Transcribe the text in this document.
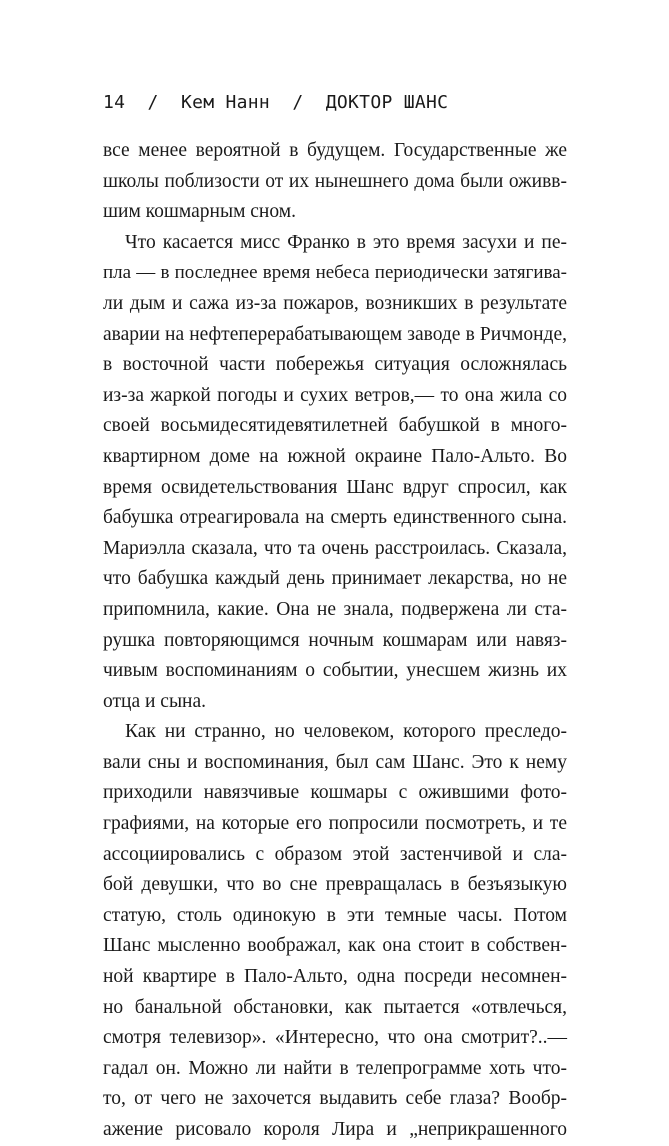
14  /  Кем Нанн  /  ДОКТОР ШАНС
все менее вероятной в будущем. Государственные же
школы поблизости от их нынешнего дома были оживв-
шим кошмарным сном.
Что касается мисс Франко в это время засухи и пе-
пла — в последнее время небеса периодически затягива-
ли дым и сажа из-за пожаров, возникших в результате
аварии на нефтеперерабатывающем заводе в Ричмонде,
в восточной части побережья ситуация осложнялась
из-за жаркой погоды и сухих ветров,— то она жила со
своей восьмидесятидевятилетней бабушкой в много-
квартирном доме на южной окраине Пало-Альто. Во
время освидетельствования Шанс вдруг спросил, как
бабушка отреагировала на смерть единственного сына.
Мариэлла сказала, что та очень расстроилась. Сказала,
что бабушка каждый день принимает лекарства, но не
припомнила, какие. Она не знала, подвержена ли ста-
рушка повторяющимся ночным кошмарам или навяз-
чивым воспоминаниям о событии, унесшем жизнь их
отца и сына.
Как ни странно, но человеком, которого преследо-
вали сны и воспоминания, был сам Шанс. Это к нему
приходили навязчивые кошмары с ожившими фото-
графиями, на которые его попросили посмотреть, и те
ассоциировались с образом этой застенчивой и сла-
бой девушки, что во сне превращалась в безъязыкую
статую, столь одинокую в эти темные часы. Потом
Шанс мысленно воображал, как она стоит в собствен-
ной квартире в Пало-Альто, одна посреди несомнен-
но банальной обстановки, как пытается «отвлечься,
смотря телевизор». «Интересно, что она смотрит?..—
гадал он. Можно ли найти в телепрограмме хоть что-
то, от чего не захочется выдавить себе глаза? Вообр-
ажение рисовало короля Лира и „неприкрашенного
